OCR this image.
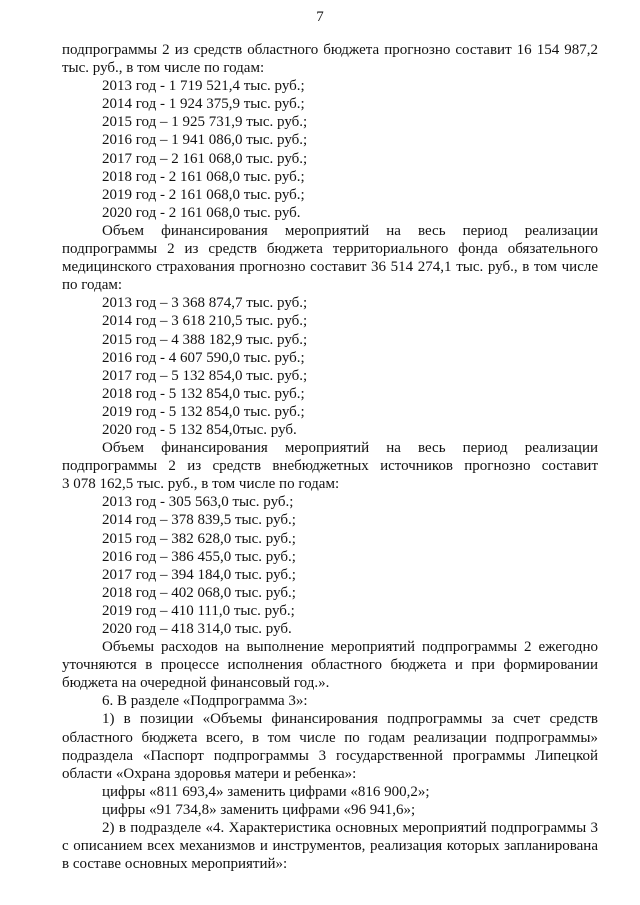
7
подпрограммы 2 из средств областного бюджета прогнозно составит 16 154 987,2
тыс. руб., в том числе по годам:
2013 год - 1 719 521,4 тыс. руб.;
2014 год - 1 924 375,9 тыс. руб.;
2015 год – 1 925 731,9 тыс. руб.;
2016 год – 1 941 086,0 тыс. руб.;
2017 год – 2 161 068,0 тыс. руб.;
2018 год - 2 161 068,0 тыс. руб.;
2019 год - 2 161 068,0 тыс. руб.;
2020 год - 2 161 068,0 тыс. руб.
Объем финансирования мероприятий на весь период реализации
подпрограммы 2 из средств бюджета территориального фонда обязательного
медицинского страхования прогнозно составит 36 514 274,1 тыс. руб., в том числе
по годам:
2013 год – 3 368 874,7 тыс. руб.;
2014 год – 3 618 210,5 тыс. руб.;
2015 год – 4 388 182,9 тыс. руб.;
2016 год - 4 607 590,0 тыс. руб.;
2017 год – 5 132 854,0 тыс. руб.;
2018 год - 5 132 854,0 тыс. руб.;
2019 год - 5 132 854,0 тыс. руб.;
2020 год - 5 132 854,0тыс. руб.
Объем финансирования мероприятий на весь период реализации
подпрограммы 2 из средств внебюджетных источников прогнозно составит
3 078 162,5 тыс. руб., в том числе по годам:
2013 год - 305 563,0 тыс. руб.;
2014 год – 378 839,5 тыс. руб.;
2015 год – 382 628,0 тыс. руб.;
2016 год – 386 455,0 тыс. руб.;
2017 год – 394 184,0 тыс. руб.;
2018 год – 402 068,0 тыс. руб.;
2019 год – 410 111,0 тыс. руб.;
2020 год – 418 314,0 тыс. руб.
Объемы расходов на выполнение мероприятий подпрограммы 2 ежегодно
уточняются в процессе исполнения областного бюджета и при формировании
бюджета на очередной финансовый год.».
6. В разделе «Подпрограмма 3»:
1) в позиции «Объемы финансирования подпрограммы за счет средств
областного бюджета всего, в том числе по годам реализации подпрограммы»
подраздела «Паспорт подпрограммы 3 государственной программы Липецкой
области «Охрана здоровья матери и ребенка»:
цифры «811 693,4» заменить цифрами «816 900,2»;
цифры «91 734,8» заменить цифрами «96 941,6»;
2) в подразделе «4. Характеристика основных мероприятий подпрограммы 3
с описанием всех механизмов и инструментов, реализация которых запланирована
в составе основных мероприятий»:
